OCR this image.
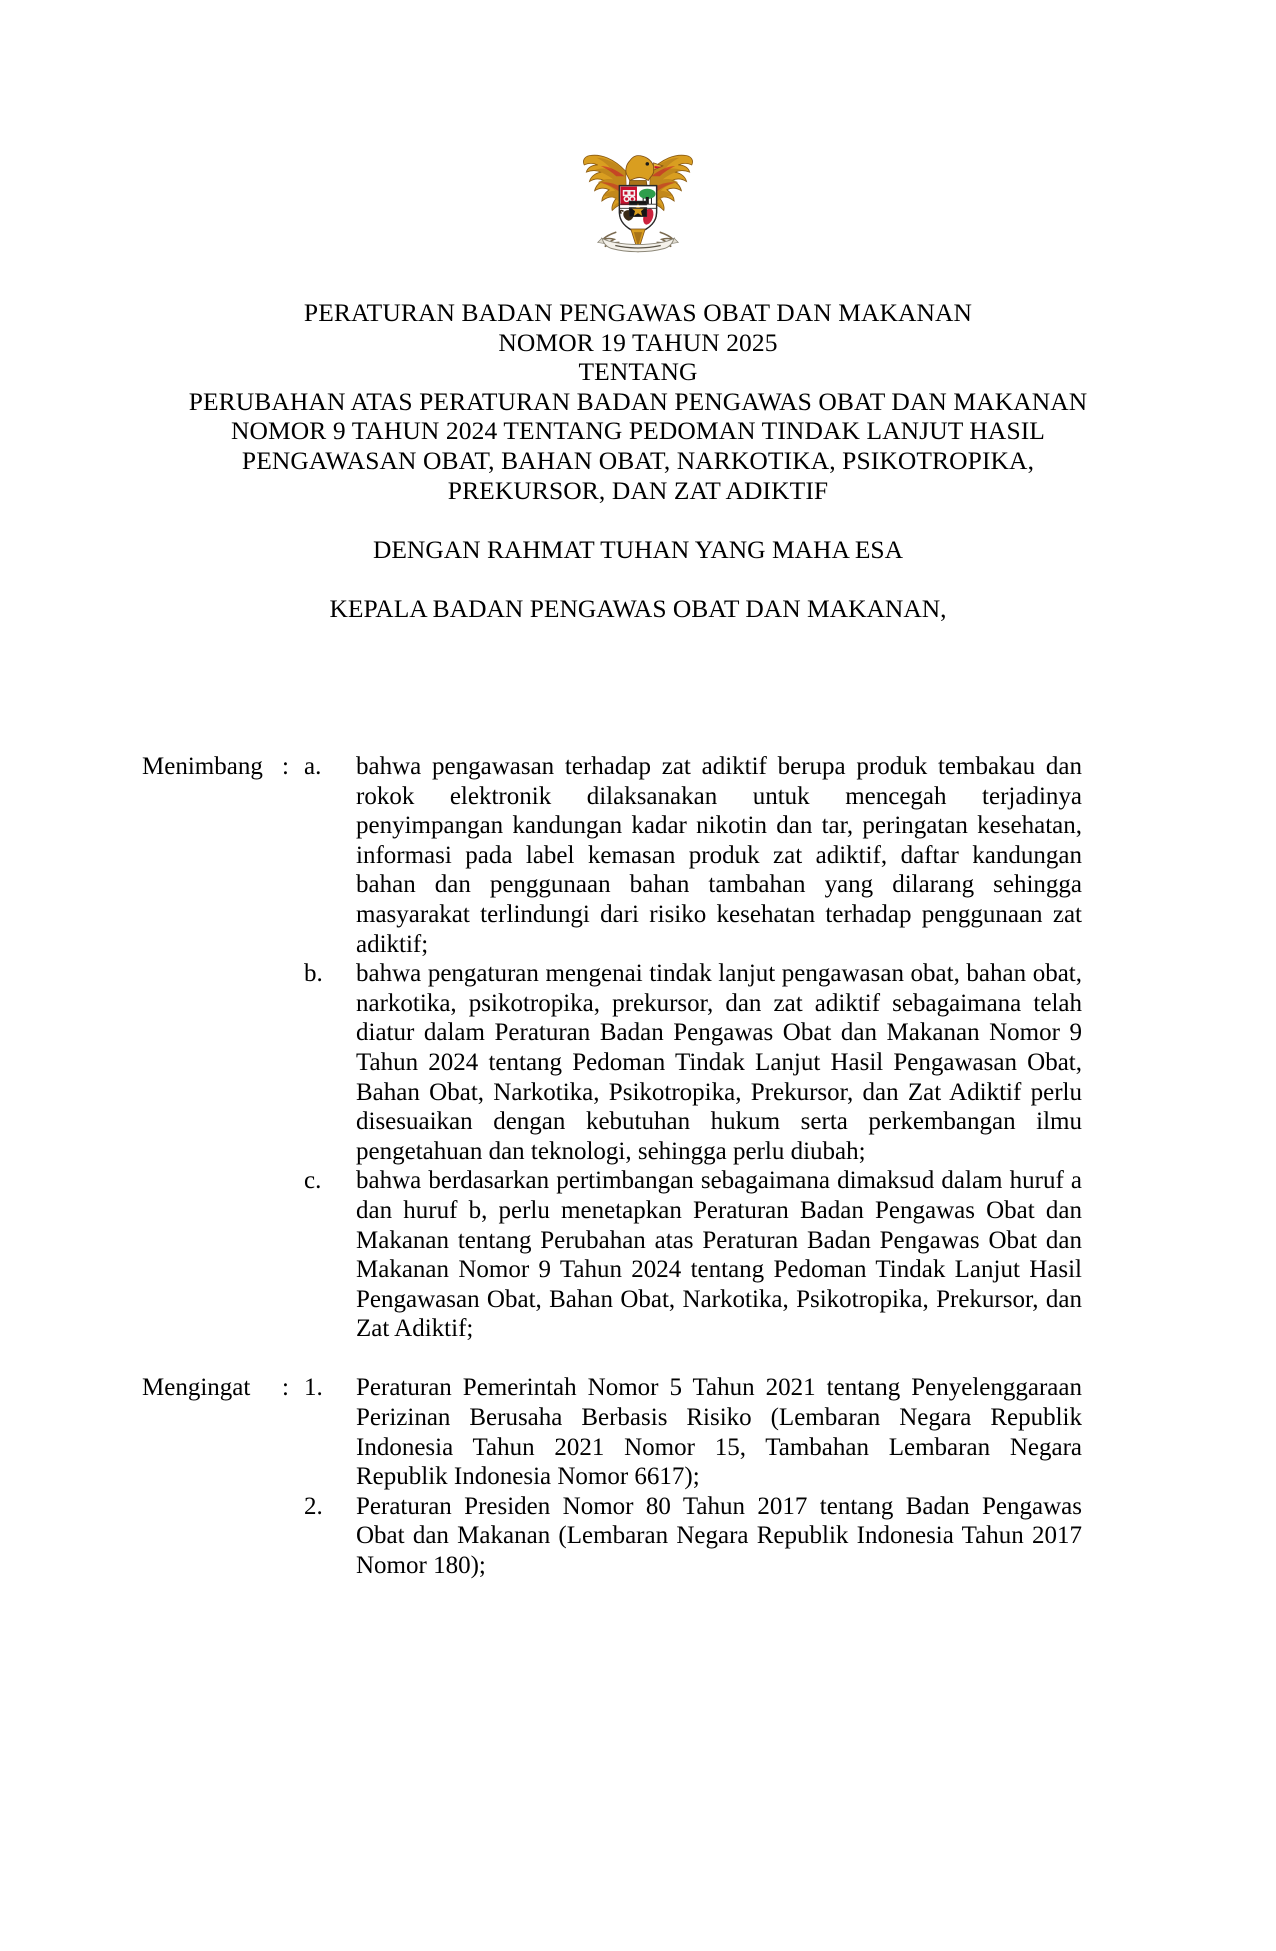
PERATURAN BADAN PENGAWAS OBAT DAN MAKANAN
NOMOR 19 TAHUN 2025
TENTANG
PERUBAHAN ATAS PERATURAN BADAN PENGAWAS OBAT DAN MAKANAN
NOMOR 9 TAHUN 2024 TENTANG PEDOMAN TINDAK LANJUT HASIL
PENGAWASAN OBAT, BAHAN OBAT, NARKOTIKA, PSIKOTROPIKA,
PREKURSOR, DAN ZAT ADIKTIF
DENGAN RAHMAT TUHAN YANG MAHA ESA
KEPALA BADAN PENGAWAS OBAT DAN MAKANAN,
Menimbang : a.	bahwa pengawasan terhadap zat adiktif berupa produk tembakau dan rokok elektronik dilaksanakan untuk mencegah terjadinya penyimpangan kandungan kadar nikotin dan tar, peringatan kesehatan, informasi pada label kemasan produk zat adiktif, daftar kandungan bahan dan penggunaan bahan tambahan yang dilarang sehingga masyarakat terlindungi dari risiko kesehatan terhadap penggunaan zat adiktif;
b.	bahwa pengaturan mengenai tindak lanjut pengawasan obat, bahan obat, narkotika, psikotropika, prekursor, dan zat adiktif sebagaimana telah diatur dalam Peraturan Badan Pengawas Obat dan Makanan Nomor 9 Tahun 2024 tentang Pedoman Tindak Lanjut Hasil Pengawasan Obat, Bahan Obat, Narkotika, Psikotropika, Prekursor, dan Zat Adiktif perlu disesuaikan dengan kebutuhan hukum serta perkembangan ilmu pengetahuan dan teknologi, sehingga perlu diubah;
c.	bahwa berdasarkan pertimbangan sebagaimana dimaksud dalam huruf a dan huruf b, perlu menetapkan Peraturan Badan Pengawas Obat dan Makanan tentang Perubahan atas Peraturan Badan Pengawas Obat dan Makanan Nomor 9 Tahun 2024 tentang Pedoman Tindak Lanjut Hasil Pengawasan Obat, Bahan Obat, Narkotika, Psikotropika, Prekursor, dan Zat Adiktif;
Mengingat	: 1.	Peraturan Pemerintah Nomor 5 Tahun 2021 tentang Penyelenggaraan Perizinan Berusaha Berbasis Risiko (Lembaran Negara Republik Indonesia Tahun 2021 Nomor 15, Tambahan Lembaran Negara Republik Indonesia Nomor 6617);
2.	Peraturan Presiden Nomor 80 Tahun 2017 tentang Badan Pengawas Obat dan Makanan (Lembaran Negara Republik Indonesia Tahun 2017 Nomor 180);
